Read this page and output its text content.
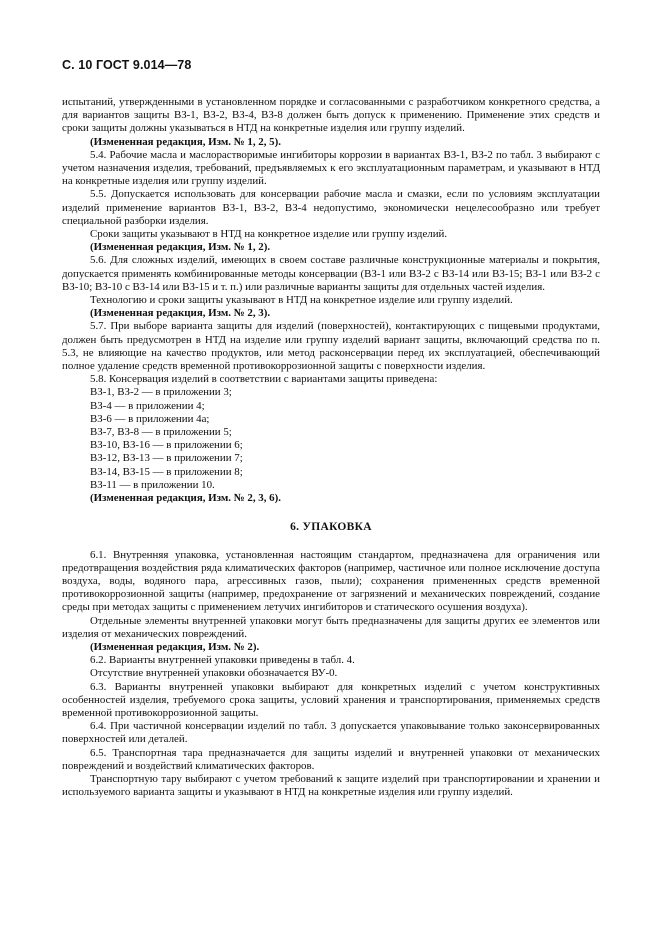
С. 10 ГОСТ 9.014—78

испытаний, утвержденными в установленном порядке и согласованными с разработчиком конкретного средства, а для вариантов защиты ВЗ-1, ВЗ-2, ВЗ-4, ВЗ-8 должен быть допуск к применению. Применение этих средств и сроки защиты должны указываться в НТД на конкретные изделия или группу изделий.

(Измененная редакция, Изм. № 1, 2, 5).

5.4. Рабочие масла и маслорастворимые ингибиторы коррозии в вариантах ВЗ-1, ВЗ-2 по табл. 3 выбирают с учетом назначения изделия, требований, предъявляемых к его эксплуатационным параметрам, и указывают в НТД на конкретные изделия или группу изделий.

5.5. Допускается использовать для консервации рабочие масла и смазки, если по условиям эксплуатации изделий применение вариантов ВЗ-1, ВЗ-2, ВЗ-4 недопустимо, экономически нецелесообразно или требует специальной разборки изделия.

Сроки защиты указывают в НТД на конкретное изделие или группу изделий.

(Измененная редакция, Изм. № 1, 2).

5.6. Для сложных изделий, имеющих в своем составе различные конструкционные материалы и покрытия, допускается применять комбинированные методы консервации (ВЗ-1 или ВЗ-2 с ВЗ-14 или ВЗ-15; ВЗ-1 или ВЗ-2 с ВЗ-10; ВЗ-10 с ВЗ-14 или ВЗ-15 и т. п.) или различные варианты защиты для отдельных частей изделия.

Технологию и сроки защиты указывают в НТД на конкретное изделие или группу изделий.

(Измененная редакция, Изм. № 2, 3).

5.7. При выборе варианта защиты для изделий (поверхностей), контактирующих с пищевыми продуктами, должен быть предусмотрен в НТД на изделие или группу изделий вариант защиты, включающий средства по п. 5.3, не влияющие на качество продуктов, или метод расконсервации перед их эксплуатацией, обеспечивающий полное удаление средств временной противокоррозионной защиты с поверхности изделия.

5.8. Консервация изделий в соответствии с вариантами защиты приведена:

ВЗ-1, ВЗ-2 — в приложении 3;

ВЗ-4 — в приложении 4;

ВЗ-6 — в приложении 4а;

ВЗ-7, ВЗ-8 — в приложении 5;

ВЗ-10, ВЗ-16 — в приложении 6;

ВЗ-12, ВЗ-13 — в приложении 7;

ВЗ-14, ВЗ-15 — в приложении 8;

ВЗ-11 — в приложении 10.

(Измененная редакция, Изм. № 2, 3, 6).

6. УПАКОВКА

6.1. Внутренняя упаковка, установленная настоящим стандартом, предназначена для ограничения или предотвращения воздействия ряда климатических факторов (например, частичное или полное исключение доступа воздуха, воды, водяного пара, агрессивных газов, пыли); сохранения примененных средств временной противокоррозионной защиты (например, предохранение от загрязнений и механических повреждений, создание среды при методах защиты с применением летучих ингибиторов и статического осушения воздуха).

Отдельные элементы внутренней упаковки могут быть предназначены для защиты других ее элементов или изделия от механических повреждений.

(Измененная редакция, Изм. № 2).

6.2. Варианты внутренней упаковки приведены в табл. 4.

Отсутствие внутренней упаковки обозначается ВУ-0.

6.3. Варианты внутренней упаковки выбирают для конкретных изделий с учетом конструктивных особенностей изделия, требуемого срока защиты, условий хранения и транспортирования, применяемых средств временной противокоррозионной защиты.

6.4. При частичной консервации изделий по табл. 3 допускается упаковывание только законсервированных поверхностей или деталей.

6.5. Транспортная тара предназначается для защиты изделий и внутренней упаковки от механических повреждений и воздействий климатических факторов.

Транспортную тару выбирают с учетом требований к защите изделий при транспортировании и хранении и используемого варианта защиты и указывают в НТД на конкретные изделия или группу изделий.
